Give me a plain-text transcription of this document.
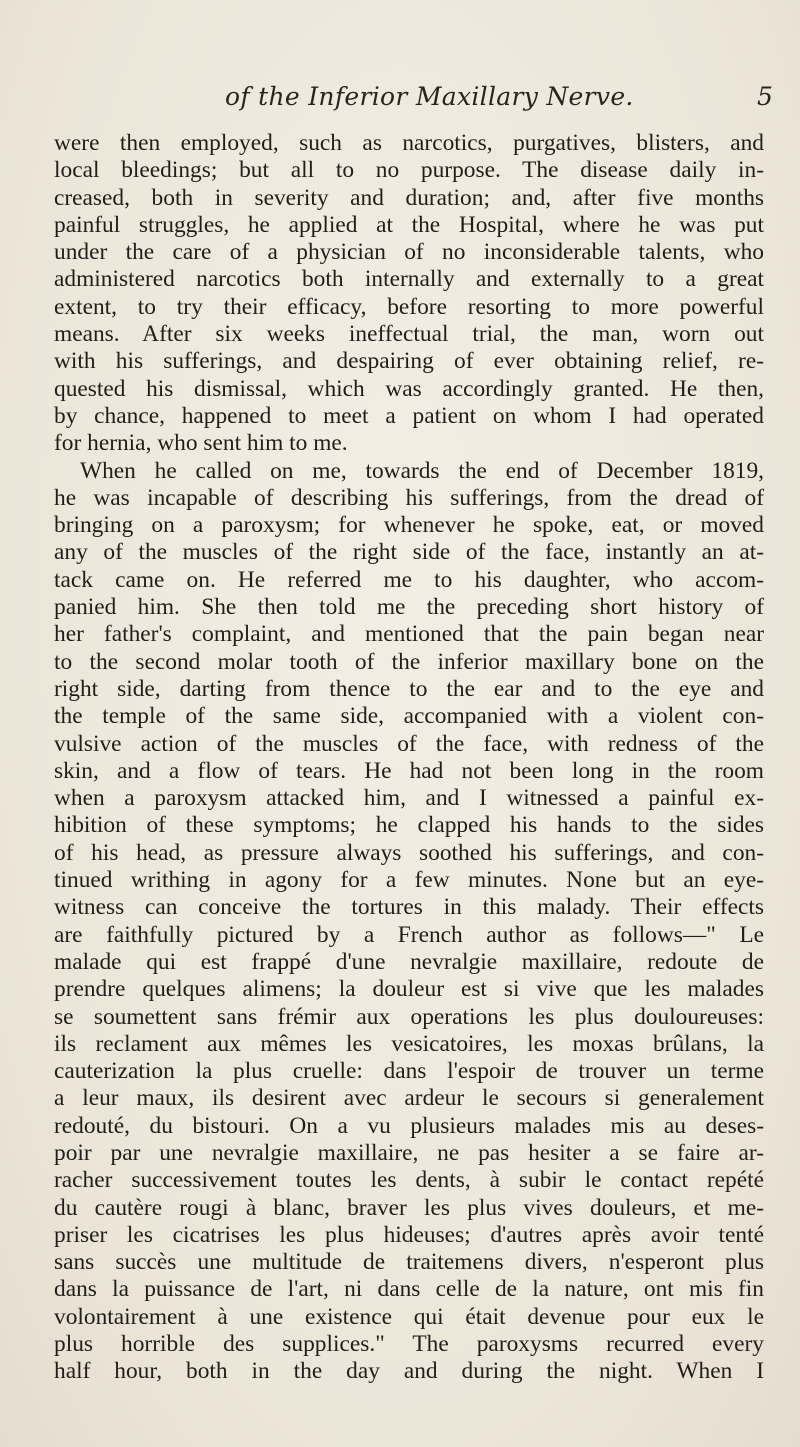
of the Inferior Maxillary Nerve.	5
were then employed, such as narcotics, purgatives, blisters, and
local bleedings; but all to no purpose. The disease daily in-
creased, both in severity and duration; and, after five months
painful struggles, he applied at the Hospital, where he was put
under the care of a physician of no inconsiderable talents, who
administered narcotics both internally and externally to a great
extent, to try their efficacy, before resorting to more powerful
means. After six weeks ineffectual trial, the man, worn out
with his sufferings, and despairing of ever obtaining relief, re-
quested his dismissal, which was accordingly granted. He then,
by chance, happened to meet a patient on whom I had operated
for hernia, who sent him to me.
When he called on me, towards the end of December 1819,
he was incapable of describing his sufferings, from the dread of
bringing on a paroxysm; for whenever he spoke, eat, or moved
any of the muscles of the right side of the face, instantly an at-
tack came on. He referred me to his daughter, who accom-
panied him. She then told me the preceding short history of
her father's complaint, and mentioned that the pain began near
to the second molar tooth of the inferior maxillary bone on the
right side, darting from thence to the ear and to the eye and
the temple of the same side, accompanied with a violent con-
vulsive action of the muscles of the face, with redness of the
skin, and a flow of tears. He had not been long in the room
when a paroxysm attacked him, and I witnessed a painful ex-
hibition of these symptoms; he clapped his hands to the sides
of his head, as pressure always soothed his sufferings, and con-
tinued writhing in agony for a few minutes. None but an eye-
witness can conceive the tortures in this malady. Their effects
are faithfully pictured by a French author as follows—" Le
malade qui est frappé d'une nevralgie maxillaire, redoute de
prendre quelques alimens; la douleur est si vive que les malades
se soumettent sans frémir aux operations les plus douloureuses:
ils reclament aux mêmes les vesicatoires, les moxas brûlans, la
cauterization la plus cruelle: dans l'espoir de trouver un terme
a leur maux, ils desirent avec ardeur le secours si generalement
redouté, du bistouri. On a vu plusieurs malades mis au deses-
poir par une nevralgie maxillaire, ne pas hesiter a se faire ar-
racher successivement toutes les dents, à subir le contact repété
du cautère rougi à blanc, braver les plus vives douleurs, et me-
priser les cicatrises les plus hideuses; d'autres après avoir tenté
sans succès une multitude de traitemens divers, n'esperont plus
dans la puissance de l'art, ni dans celle de la nature, ont mis fin
volontairement à une existence qui était devenue pour eux le
plus horrible des supplices." The paroxysms recurred every
half hour, both in the day and during the night. When I
